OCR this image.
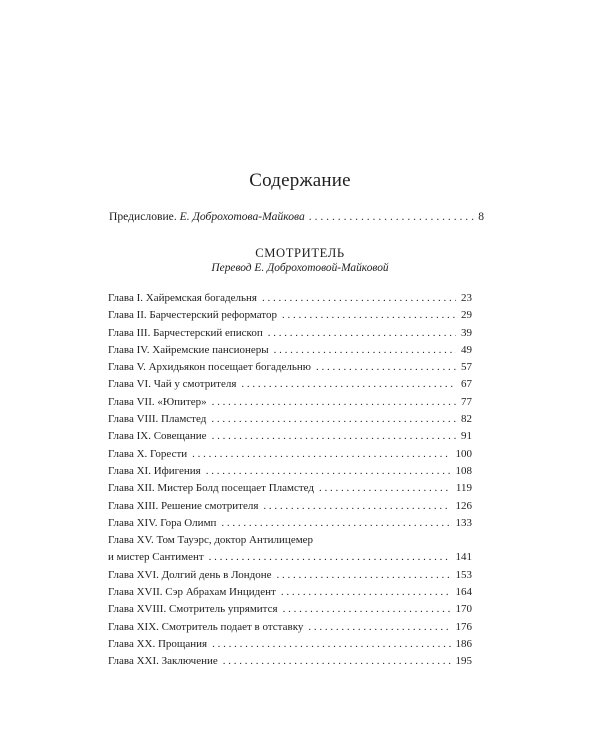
Содержание
Предисловие. Е. Доброхотова-Майкова . . .	8
СМОТРИТЕЛЬ
Перевод Е. Доброхотовой-Майковой
Глава I. Хайремская богадельня . . .	23
Глава II. Барчестерский реформатор . . .	29
Глава III. Барчестерский епископ . . .	39
Глава IV. Хайремские пансионеры . . .	49
Глава V. Архидьякон посещает богадельню . . .	57
Глава VI. Чай у смотрителя . . .	67
Глава VII. «Юпитер» . . .	77
Глава VIII. Пламстед . . .	82
Глава IX. Совещание . . .	91
Глава X. Горести . . .	100
Глава XI. Ифигения . . .	108
Глава XII. Мистер Болд посещает Пламстед . . .	119
Глава XIII. Решение смотрителя . . .	126
Глава XIV. Гора Олимп . . .	133
Глава XV. Том Тауэрс, доктор Антилицемер
и мистер Сантимент . . .	141
Глава XVI. Долгий день в Лондоне . . .	153
Глава XVII. Сэр Абрахам Инцидент . . .	164
Глава XVIII. Смотритель упрямится . . .	170
Глава XIX. Смотритель подает в отставку . . .	176
Глава XX. Прощания . . .	186
Глава XXI. Заключение . . .	195
